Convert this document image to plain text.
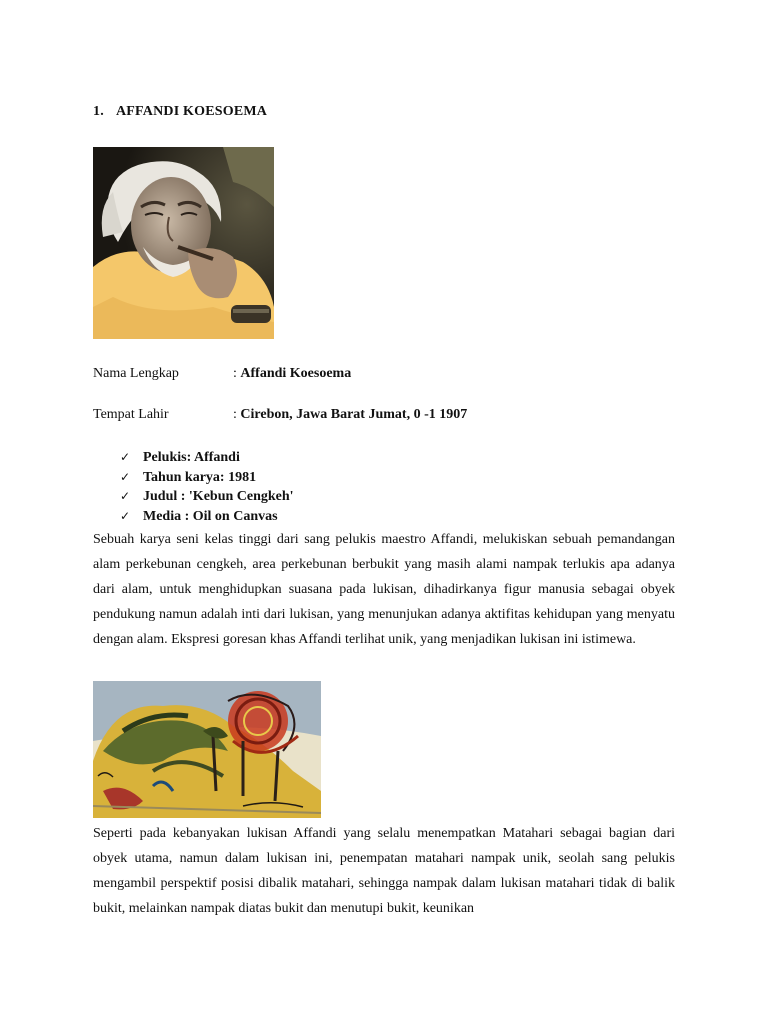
1. AFFANDI KOESOEMA
Nama Lengkap	: Affandi Koesoema
Tempat Lahir	: Cirebon, Jawa Barat Jumat, 0 -1 1907
✓ Pelukis: Affandi
✓ Tahun karya: 1981
✓ Judul : 'Kebun Cengkeh'
✓ Media : Oil on Canvas

Sebuah karya seni kelas tinggi dari sang pelukis maestro Affandi, melukiskan sebuah pemandangan alam perkebunan cengkeh, area perkebunan berbukit yang masih alami nampak terlukis apa adanya dari alam, untuk menghidupkan suasana pada lukisan, dihadirkanya figur manusia sebagai obyek pendukung namun adalah inti dari lukisan, yang menunjukan adanya aktifitas kehidupan yang menyatu dengan alam. Ekspresi goresan khas Affandi terlihat unik, yang menjadikan lukisan ini istimewa.

Seperti pada kebanyakan lukisan Affandi yang selalu menempatkan Matahari sebagai bagian dari obyek utama, namun dalam lukisan ini, penempatan matahari nampak unik, seolah sang pelukis mengambil perspektif posisi dibalik matahari, sehingga nampak dalam lukisan matahari tidak di balik bukit, melainkan nampak diatas bukit dan menutupi bukit, keunikan
